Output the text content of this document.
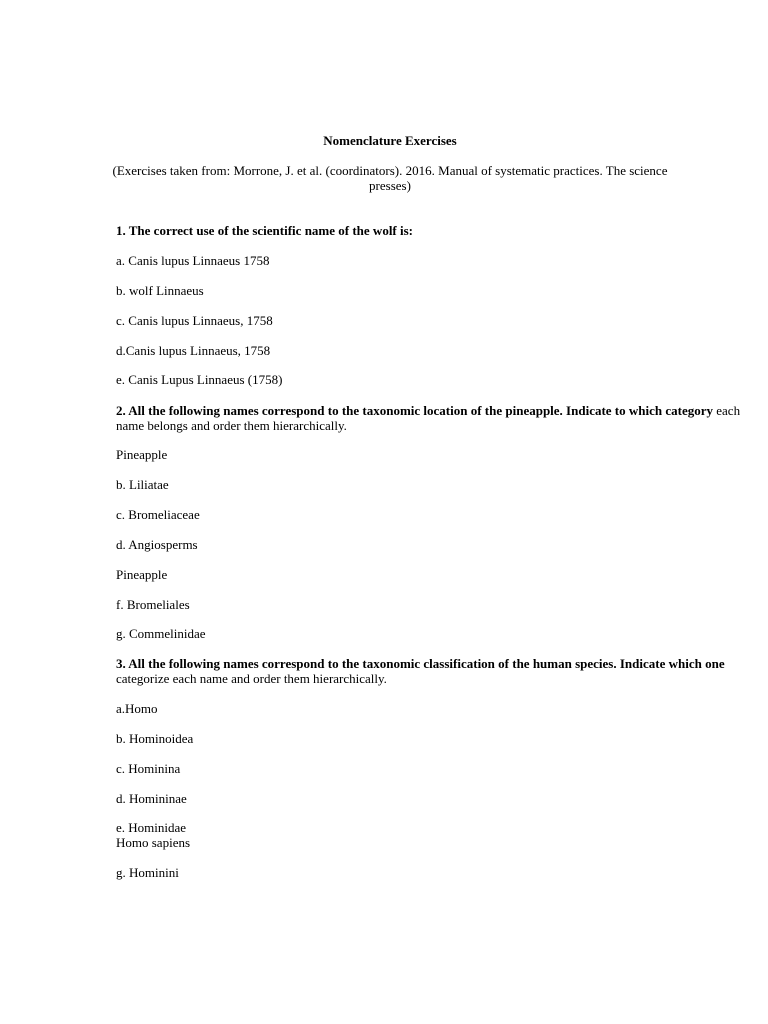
Nomenclature Exercises

(Exercises taken from: Morrone, J. et al. (coordinators). 2016. Manual of systematic practices. The science presses)

1. The correct use of the scientific name of the wolf is:

a. Canis lupus Linnaeus 1758

b. wolf Linnaeus

c. Canis lupus Linnaeus, 1758

d.Canis lupus Linnaeus, 1758

e. Canis Lupus Linnaeus (1758)

2. All the following names correspond to the taxonomic location of the pineapple. Indicate to which category each name belongs and order them hierarchically.

Pineapple

b. Liliatae

c. Bromeliaceae

d. Angiosperms

Pineapple

f. Bromeliales

g. Commelinidae

3. All the following names correspond to the taxonomic classification of the human species. Indicate which one categorize each name and order them hierarchically.

a.Homo

b. Hominoidea

c. Hominina

d. Homininae

e. Hominidae

Homo sapiens

g. Hominini
